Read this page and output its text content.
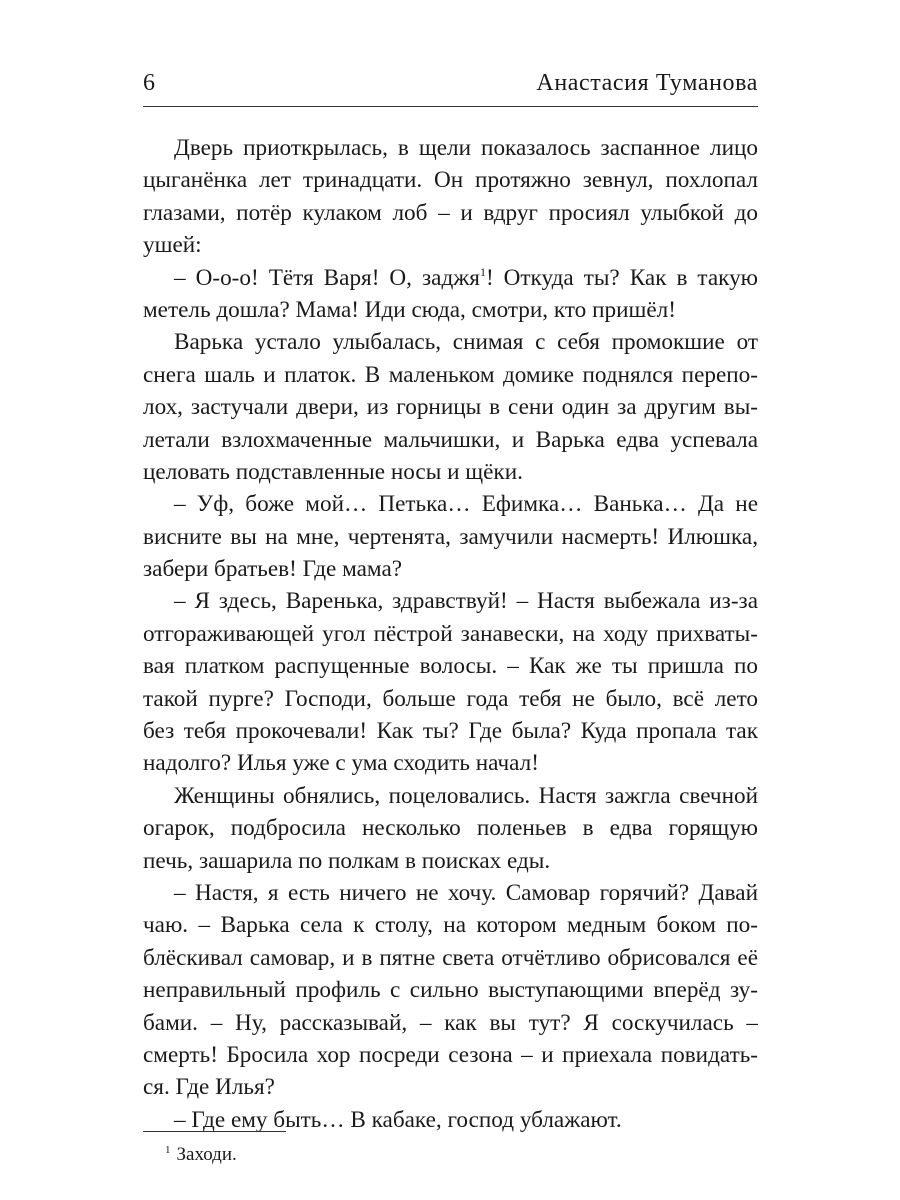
6	Анастасия Туманова
Дверь приоткрылась, в щели показалось заспанное лицо
цыганёнка лет тринадцати. Он протяжно зевнул, похлопал
глазами, потёр кулаком лоб – и вдруг просиял улыбкой до
ушей:
– О-о-о! Тётя Варя! О, заджя$^1$! Откуда ты? Как в такую
метель дошла? Мама! Иди сюда, смотри, кто пришёл!
Варька устало улыбалась, снимая с себя промокшие от
снега шаль и платок. В маленьком домике поднялся перепо-
лох, застучали двери, из горницы в сени один за другим вы-
летали взлохмаченные мальчишки, и Варька едва успевала
целовать подставленные носы и щёки.
– Уф, боже мой… Петька… Ефимка… Ванька… Да не
висните вы на мне, чертенята, замучили насмерть! Илюшка,
забери братьев! Где мама?
– Я здесь, Варенька, здравствуй! – Настя выбежала из-за
отгораживающей угол пёстрой занавески, на ходу прихваты-
вая платком распущенные волосы. – Как же ты пришла по
такой пурге? Господи, больше года тебя не было, всё лето
без тебя прокочевали! Как ты? Где была? Куда пропала так
надолго? Илья уже с ума сходить начал!
Женщины обнялись, поцеловались. Настя зажгла свечной
огарок, подбросила несколько поленьев в едва горящую
печь, зашарила по полкам в поисках еды.
– Настя, я есть ничего не хочу. Самовар горячий? Давай
чаю. – Варька села к столу, на котором медным боком по-
блёскивал самовар, и в пятне света отчётливо обрисовался её
неправильный профиль с сильно выступающими вперёд зу-
бами. – Ну, рассказывай, – как вы тут? Я соскучилась –
смерть! Бросила хор посреди сезона – и приехала повидать-
ся. Где Илья?
– Где ему быть… В кабаке, господ ублажают.
$^1$ Заходи.
